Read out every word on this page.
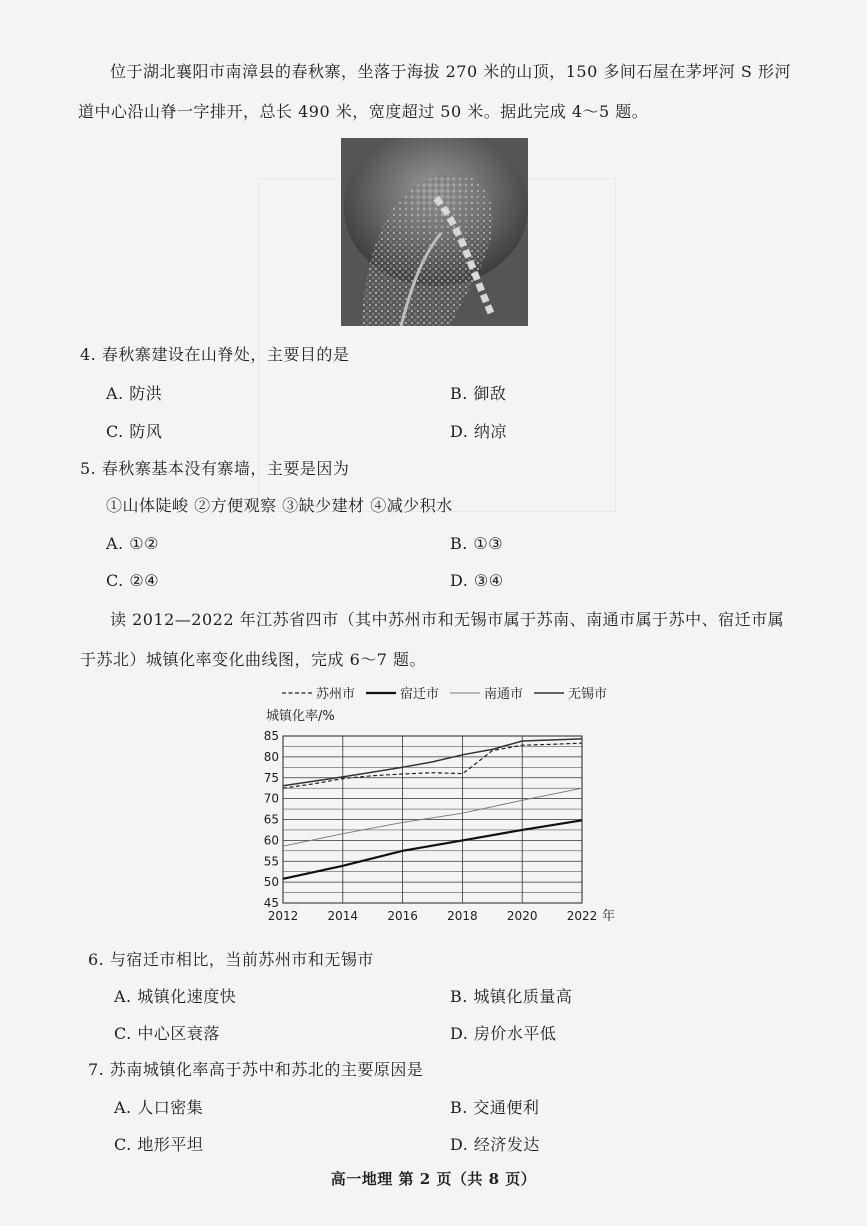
位于湖北襄阳市南漳县的春秋寨，坐落于海拔 270 米的山顶，150 多间石屋在茅坪河 S 形河
道中心沿山脊一字排开，总长 490 米，宽度超过 50 米。据此完成 4～5 题。
4. 春秋寨建设在山脊处，主要目的是
A. 防洪	B. 御敌
C. 防风	D. 纳凉
5. 春秋寨基本没有寨墙，主要是因为
①山体陡峻 ②方便观察 ③缺少建材 ④减少积水
A. ①②	B. ①③
C. ②④	D. ③④
读 2012—2022 年江苏省四市（其中苏州市和无锡市属于苏南、南通市属于苏中、宿迁市属
于苏北）城镇化率变化曲线图，完成 6～7 题。
苏州市	宿迁市	南通市	无锡市
城镇化率/%
45
50
55
60
65
70
75
80
85
2012 2014 2016 2018 2020 2022 年
6. 与宿迁市相比，当前苏州市和无锡市
A. 城镇化速度快	B. 城镇化质量高
C. 中心区衰落	D. 房价水平低
7. 苏南城镇化率高于苏中和苏北的主要原因是
A. 人口密集	B. 交通便利
C. 地形平坦	D. 经济发达
高一地理 第 2 页（共 8 页）
